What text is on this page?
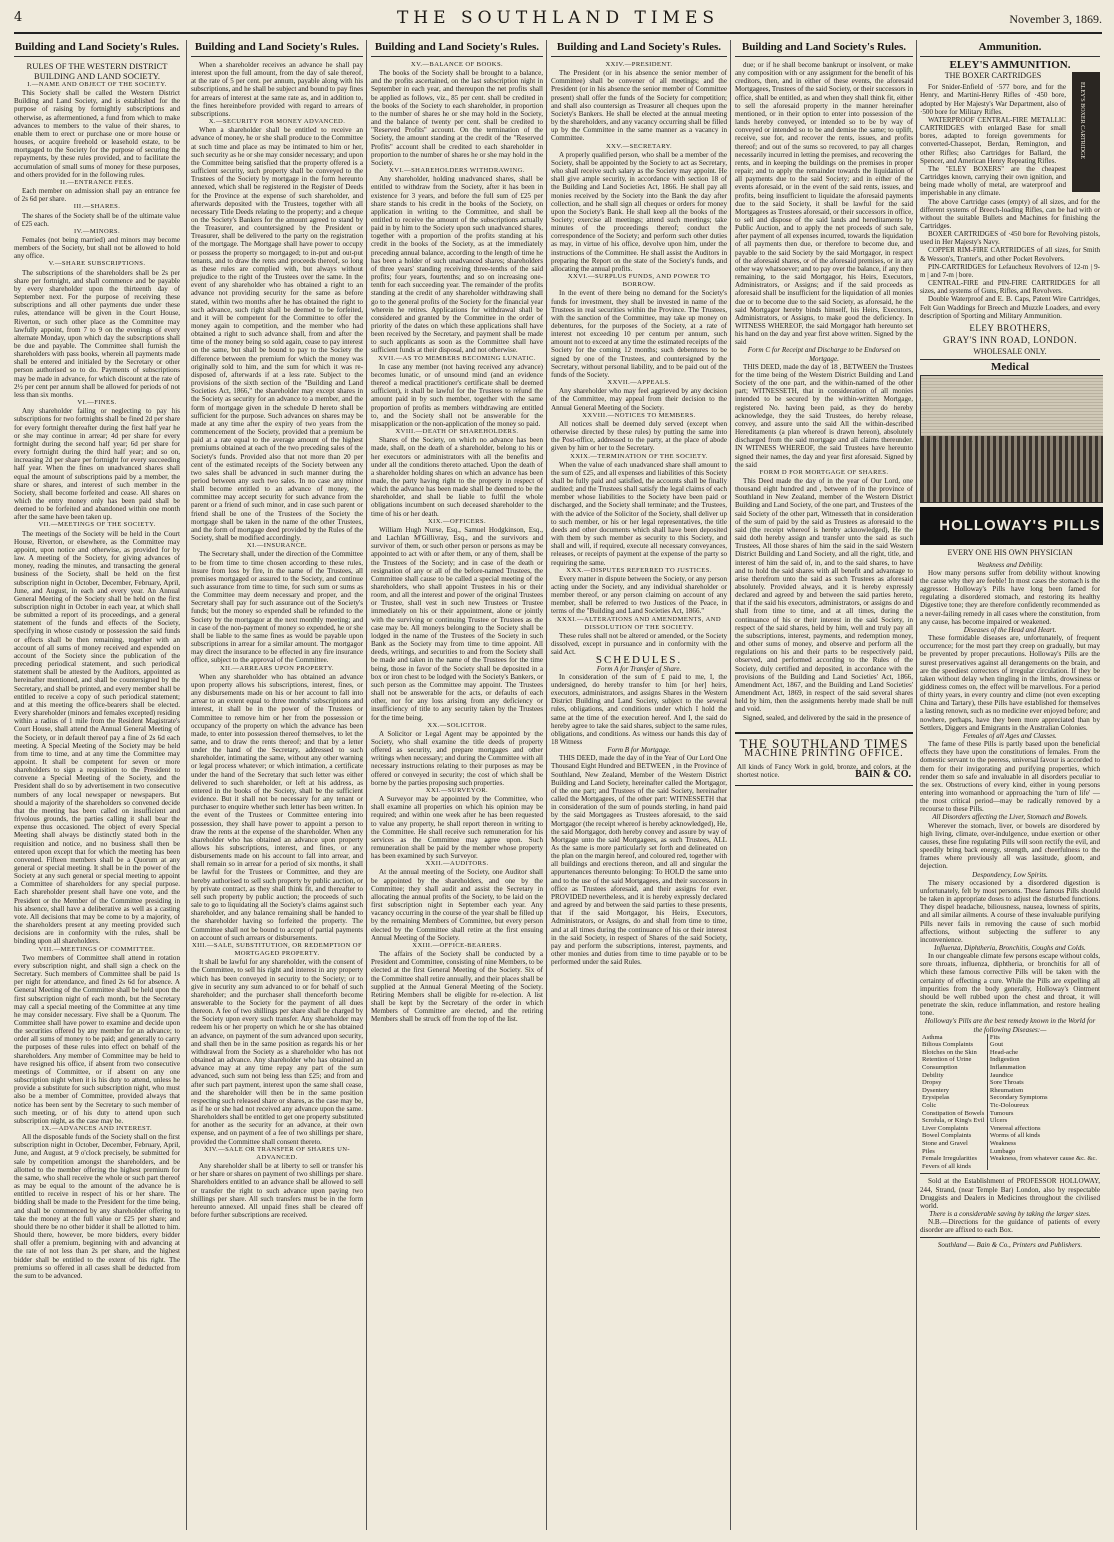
4	THE SOUTHLAND TIMES	November 3, 1869.
Building and Land Society's Rules.

RULES OF THE WESTERN DISTRICT BUILDING AND LAND SOCIETY.

I.—NAME AND OBJECT OF THE SOCIETY.

This Society shall be called the Western District Building and Land Society, and is established for the purpose of raising by fortnightly subscriptions and otherwise, as aftermentioned, a fund from which to make advances to members to the value of their shares, to enable them to erect or purchase one or more house or houses, or acquire freehold or leasehold estate, to be mortgaged to the Society for the purpose of securing the repayments, by these rules provided, and to facilitate the accumulation of small sums of money for these purposes, and others provided for in the following rules.

II.—ENTRANCE FEES.

Each member on admission shall pay an entrance fee of 2s 6d per share.

III.—SHARES.

The shares of the Society shall be of the ultimate value of £25 each.

IV.—MINORS.

Females (not being married) and minors may become members of the Society, but shall not be allowed to hold any office.

V.—SHARE SUBSCRIPTIONS.

The subscriptions of the shareholders shall be 2s per share per fortnight, and shall commence and be payable by every shareholder upon the thirteenth day of September next. For the purpose of receiving these subscriptions and all other payments due under these rules, attendance will be given in the Court House, Riverton, or such other place as the Committee may lawfully appoint, from 7 to 9 on the evenings of every alternate Monday, upon which day the subscriptions shall be due and payable. The Committee shall furnish the shareholders with pass books, wherein all payments made shall be entered and initialed by the Secretary or other person authorised so to do. Payments of subscriptions may be made in advance, for which discount at the rate of 2½ per cent per annum shall be allowed for periods of not less than six months.

VI.—FINES.

Any shareholder failing or neglecting to pay his subscriptions for two fortnights shall be fined 2d per share for every fortnight thereafter during the first half year he or she may continue in arrear; 4d per share for every fortnight during the second half year; 6d per share for every fortnight during the third half year; and so on, increasing 2d per share per fortnight for every succeeding half year. When the fines on unadvanced shares shall equal the amount of subscriptions paid by a member, the share or shares, and interest of such member in the Society, shall become forfeited and cease. All shares on which the entry money only has been paid shall be deemed to be forfeited and abandoned within one month after the same have been taken up.

VII.—MEETINGS OF THE SOCIETY.

The meetings of the Society will be held in the Court House, Riverton, or elsewhere, as the Committee may appoint, upon notice and otherwise, as provided for by law. A meeting of the Society, for giving advances of money, reading the minutes, and transacting the general business of the Society, shall be held on the first subscription night in October, December, February, April, June, and August, in each and every year. An Annual General Meeting of the Society shall be held on the first subscription night in October in each year, at which shall be submitted a report of its proceedings, and a general statement of the funds and effects of the Society, specifying in whose custody or possession the said funds or effects shall be then remaining, together with an account of all sums of money received and expended on account of the Society since the publication of the preceding periodical statement, and such periodical statement shall be attested by the Auditors, appointed as hereinafter mentioned, and shall be countersigned by the Secretary, and shall be printed, and every member shall be entitled to receive a copy of such periodical statement; and at this meeting the office-bearers shall be elected. Every shareholder (minors and females excepted) residing within a radius of 1 mile from the Resident Magistrate's Court House, shall attend the Annual General Meeting of the Society, or in default thereof pay a fine of 2s 6d each meeting. A Special Meeting of the Society may be held from time to time, and at any time the Committee may appoint. It shall be competent for seven or more shareholders to sign a requisition to the President to convene a Special Meeting of the Society, and the President shall do so by advertisement in two consecutive numbers of any local newspaper or newspapers. But should a majority of the shareholders so convened decide that the meeting has been called on insufficient and frivolous grounds, the parties calling it shall bear the expense thus occasioned. The object of every Special Meeting shall always be distinctly stated both in the requisition and notice, and no business shall then be entered upon except that for which the meeting has been convened. Fifteen members shall be a Quorum at any general or special meeting. It shall be in the power of the Society at any such general or special meeting to appoint a Committee of shareholders for any special purpose. Each shareholder present shall have one vote, and the President or the Member of the Committee presiding in his absence, shall have a deliberative as well as a casting vote. All decisions that may be come to by a majority, of the shareholders present at any meeting provided such decisions are in conformity with the rules, shall be binding upon all shareholders.

VIII.—MEETINGS OF COMMITTEE.

Two members of Committee shall attend in rotation every subscription night, and shall sign a check on the Secretary. Such members of Committee shall be paid 1s per night for attendance, and fined 2s 6d for absence. A General Meeting of the Committee shall be held upon the first subscription night of each month, but the Secretary may call a special meeting of the Committee at any time he may consider necessary. Five shall be a Quorum. The Committee shall have power to examine and decide upon the securities offered by any member for an advance; to order all sums of money to be paid; and generally to carry the purposes of these rules into effect on behalf of the shareholders. Any member of Committee may be held to have resigned his office, if absent from two consecutive meetings of Committee, or if absent on any one subscription night when it is his duty to attend, unless he provide a substitute for such subscription night, who must also be a member of Committee, provided always that notice has been sent by the Secretary to such member of such meeting, or of his duty to attend upon such subscription night, as the case may be.

IX.—ADVANCES AND INTEREST.

All the disposable funds of the Society shall on the first subscription night in October, December, February, April, June, and August, at 9 o'clock precisely, be submitted for sale by competition amongst the shareholders, and be allotted to the member offering the highest premium for the same, who shall receive the whole or such part thereof as may be equal to the amount of the advance he is entitled to receive in respect of his or her share. The bidding shall be made to the President for the time being, and shall be commenced by any shareholder offering to take the money at the full value or £25 per share; and should there be no other bidder it shall be allotted to him. Should there, however, be more bidders, every bidder shall offer a premium, beginning with and advancing at the rate of not less than 2s per share, and the highest bidder shall be entitled to the extent of his right. The premiums so offered in all cases shall be deducted from the sum to be advanced.

Building and Land Society's Rules.

When a shareholder receives an advance he shall pay interest upon the full amount, from the day of sale thereof, at the rate of 5 per cent. per annum, payable along with his subscriptions, and he shall be subject and bound to pay fines for arrears of interest at the same rate as, and in addition to, the fines hereinbefore provided with regard to arrears of subscriptions.

X.—SECURITY FOR MONEY ADVANCED.

When a shareholder shall be entitled to receive an advance of money, he or she shall produce to the Committee at such time and place as may be intimated to him or her, such security as he or she may consider necessary; and upon the Committee being satisfied that the property offered is a sufficient security, such property shall be conveyed to the Trustees of the Society by mortgage in the form hereunto annexed, which shall be registered in the Register of Deeds for the Province at the expense of such shareholder, and afterwards deposited with the Trustees, together with all necessary Title Deeds relating to the property; and a cheque on the Society's Bankers for the amount agreed to stand by the Treasurer, and countersigned by the President or Treasurer, shall be delivered to the party on the registration of the mortgage. The Mortgage shall have power to occupy or possess the property so mortgaged; to in-put and out-put tenants, and to draw the rents and proceeds thereof, so long as these rules are complied with, but always without prejudice to the right of the Trustees over the same. In the event of any shareholder who has obtained a right to an advance not providing security for the same as before stated, within two months after he has obtained the right to such advance, such right shall be deemed to be forfeited, and it will be competent for the Committee to offer the money again to competition, and the member who had obtained a right to such advance shall, from and after the time of the money being so sold again, cease to pay interest on the same, but shall be bound to pay to the Society the difference between the premium for which the money was originally sold to him, and the sum for which it was re-disposed of, afterwards if at a less rate. Subject to the provisions of the sixth section of the "Building and Land Societies Act, 1866," the shareholder may except shares in the Society as security for an advance to a member, and the form of mortgage given in the schedule D hereto shall be sufficient for the purpose. Such advances on shares may be made at any time after the expiry of two years from the commencement of the Society, provided that a premium be paid at a rate equal to the average amount of the highest premiums obtained at each of the two preceding sales of the Society's funds. Provided also that not more than 20 per cent of the estimated receipts of the Society between any two sales shall be advanced in such manner during the period between any such two sales. In no case any minor shall become entitled to an advance of money, the committee may accept security for such advance from the parent or a friend of such minor, and in case such parent or friend shall be one of the Trustees of the Society the mortgage shall be taken in the name of the other Trustees, and the form of mortgage deed provided by the Rules of the Society, shall be modified accordingly.

XI.—INSURANCE.

The Secretary shall, under the direction of the Committee to be from time to time chosen according to these rules, insure from loss by fire, in the name of the Trustees, all premises mortgaged or assured to the Society, and continue such assurance from time to time, for such sum or sums as the Committee may deem necessary and proper, and the Secretary shall pay for such assurance out of the Society's funds; but the money so expended shall be refunded to the Society by the mortgagor at the next monthly meeting; and in case of the non-payment of money so expended, he or she shall be liable to the same fines as would be payable upon subscriptions in arrear for a similar amount. The mortgagor may direct the insurance to be effected in any fire insurance office, subject to the approval of the Committee.

XII.—ARREARS UPON PROPERTY.

When any shareholder who has obtained an advance upon property allows his subscriptions, interest, fines, or any disbursements made on his or her account to fall into arrear to an extent equal to three months' subscriptions and interest, it shall be in the power of the Trustees or Committee to remove him or her from the possession or occupancy of the property on which the advance has been made, to enter into possession thereof themselves, to let the same, and to draw the rents thereof; and that by a letter under the hand of the Secretary, addressed to such shareholder, intimating the same, without any other warning or legal process whatever; or which intimation, a certificate under the hand of the Secretary that such letter was either delivered to such shareholder, or left at his address, as entered in the books of the Society, shall be the sufficient evidence. But it shall not be necessary for any tenant or purchaser to enquire whether such letter has been written. In the event of the Trustees or Committee entering into possession, they shall have power to appoint a person to draw the rents at the expense of the shareholder. When any shareholder who has obtained an advance upon property allows his subscriptions, interest, and fines, or any disbursements made on his account to fall into arrear, and shall remain so in arrear for a period of six months, it shall be lawful for the Trustees or Committee, and they are hereby authorised to sell such property by public auction, or by private contract, as they shall think fit, and thereafter to sell such property by public auction; the proceeds of such sale to go to liquidating all the Society's claims against such shareholder, and any balance remaining shall be handed to the shareholder having so forfeited the property. The Committee shall not be bound to accept of partial payments on account of such arrears or disbursements.

XIII.—SALE, SUBSTITUTION, OR REDEMPTION OF MORTGAGED PROPERTY.

It shall be lawful for any shareholder, with the consent of the Committee, to sell his right and interest in any property which has been conveyed in security to the Society; or to give in security any sum advanced to or for behalf of such shareholder; and the purchaser shall thenceforth become answerable to the Society for the payment of all dues thereon. A fee of two shillings per share shall be charged by the Society upon every such transfer. Any shareholder may redeem his or her property on which he or she has obtained an advance, on payment of the sum advanced upon security, and shall then be in the same position as regards his or her withdrawal from the Society as a shareholder who has not obtained an advance. Any shareholder who has obtained an advance may at any time repay any part of the sum advanced, such sum not being less than £25; and from and after such part payment, interest upon the same shall cease, and the shareholder will then be in the same position respecting such released share or shares, as the case may be, as if he or she had not received any advance upon the same. Shareholders shall be entitled to get one property substituted for another as the security for an advance, at their own expense, and on payment of a fee of two shillings per share, provided the Committee shall consent thereto.

XIV.—SALE OR TRANSFER OF SHARES UN-ADVANCED.

Any shareholder shall be at liberty to sell or transfer his or her share or shares on payment of two shillings per share. Shareholders entitled to an advance shall be allowed to sell or transfer the right to such advance upon paying two shillings per share. All such transfers must be in the form hereunto annexed. All unpaid fines shall be cleared off before further subscriptions are received.

Building and Land Society's Rules.

XV.—BALANCE OF BOOKS.

The books of the Society shall be brought to a balance, and the profits ascertained, on the last subscription night in September in each year, and thereupon the net profits shall be applied as follows, viz., 85 per cent. shall be credited in the books of the Society to each shareholder, in proportion to the number of shares he or she may hold in the Society, and the balance of twenty per cent. shall be credited to "Reserved Profits" account. On the termination of the Society, the amount standing at the credit of the "Reserved Profits" account shall be credited to each shareholder in proportion to the number of shares he or she may hold in the Society.

XVI.—SHAREHOLDERS WITHDRAWING.

Any shareholder, holding unadvanced shares, shall be entitled to withdraw from the Society, after it has been in existence for 3 years, and before the full sum of £25 per share stands to his credit in the books of the Society, on application in writing to the Committee, and shall be entitled to receive the amount of the subscriptions actually paid in by him to the Society upon such unadvanced shares, together with a proportion of the profits standing at his credit in the books of the Society, as at the immediately preceding annual balance, according to the length of time he has been a holder of such unadvanced shares; shareholders of three years' standing receiving three-tenths of the said profits; four years, fourtenths; and so on increasing one-tenth for each succeeding year. The remainder of the profits standing at the credit of any shareholder withdrawing shall go to the general profits of the Society for the financial year wherein he retires. Applications for withdrawal shall be considered and granted by the Committee in the order of priority of the dates on which these applications shall have been received by the Secretary, and payment shall be made to such applicants as soon as the Committee shall have sufficient funds at their disposal, and not otherwise.

XVII.—AS TO MEMBERS BECOMING LUNATIC.

In case any member (not having received any advance) becomes lunatic, or of unsound mind (and an evidence thereof a medical practitioner's certificate shall be deemed sufficient), it shall be lawful for the Trustees to refund the amount paid in by such member, together with the same proportion of profits as members withdrawing are entitled to, and the Society shall not be answerable for the misapplication or the non-application of the money so paid.

XVIII.—DEATH OF SHAREHOLDERS.

Shares of the Society, on which no advance has been made, shall, on the death of a shareholder, belong to his or her executors or administrators with all the benefits and under all the conditions thereto attached. Upon the death of a shareholder holding shares on which an advance has been made, the party having right to the property in respect of which the advance has been made shall be deemed to be the shareholder, and shall be liable to fulfil the whole obligations incumbent on such deceased shareholder to the time of his or her death.

XIX.—OFFICERS.

William Hugh Nurse, Esq., Samuel Hodgkinson, Esq., and Lachlan M'Gillivray, Esq., and the survivors and survivor of them, or such other person or persons as may be appointed to act with or after them, or any of them, shall be the Trustees of the Society; and in case of the death or resignation of any or all of the before-named Trustees, the Committee shall cause to be called a special meeting of the shareholders, who shall appoint Trustees in his or their room, and all the interest and power of the original Trustees or Trustee, shall vest in such new Trustees or Trustee immediately on his or their appointment, alone or jointly with the surviving or continuing Trustee or Trustees as the case may be. All moneys belonging to the Society shall be lodged in the name of the Trustees of the Society in such Bank as the Society may from time to time appoint. All deeds, writings, and securities to and from the Society shall be made and taken in the name of the Trustees for the time being, those in favor of the Society shall be deposited in a box or iron chest to be lodged with the Society's Bankers, or such person as the Committee may appoint. The Trustees shall not be answerable for the acts, or defaults of each other, nor for any loss arising from any deficiency or insufficiency of title to any security taken by the Trustees for the time being.

XX.—SOLICITOR.

A Solicitor or Legal Agent may be appointed by the Society, who shall examine the title deeds of property offered as security, and prepare mortgages and other writings when necessary; and during the Committee with all necessary instructions relating to their purposes as may be offered or conveyed in security; the cost of which shall be borne by the parties proposing such properties.

XXI.—SURVEYOR.

A Surveyor may be appointed by the Committee, who shall examine all properties on which his opinion may be required; and within one week after he has been requested to value any property, he shall report thereon in writing to the Committee. He shall receive such remuneration for his services as the Committee may agree upon. Such remuneration shall be paid by the member whose property has been examined by such Surveyor.

XXII.—AUDITORS.

At the annual meeting of the Society, one Auditor shall be appointed by the shareholders, and one by the Committee; they shall audit and assist the Secretary in allocating the annual profits of the Society, to be laid on the first subscription night in September each year. Any vacancy occurring in the course of the year shall be filled up by the remaining Members of Committee, but every person elected by the Committee shall retire at the first ensuing Annual Meeting of the Society.

XXIII.—OFFICE-BEARERS.

The affairs of the Society shall be conducted by a President and Committee, consisting of nine Members, to be elected at the first General Meeting of the Society. Six of the Committee shall retire annually, and their places shall be supplied at the Annual General Meeting of the Society. Retiring Members shall be eligible for re-election. A list shall be kept by the Secretary of the order in which Members of Committee are elected, and the retiring Members shall be struck off from the top of the list.

Building and Land Society's Rules.

XXIV.—PRESIDENT.

The President (or in his absence the senior member of Committee) shall be convener of all meetings; and the President (or in his absence the senior member of Committee present) shall offer the funds of the Society for competition; and shall also countersign as Treasurer all cheques upon the Society's Bankers. He shall be elected at the annual meeting by the shareholders, and any vacancy occurring shall be filled up by the Committee in the same manner as a vacancy in Committee.

XXV.—SECRETARY.

A properly qualified person, who shall be a member of the Society, shall be appointed by the Society to act as Secretary, who shall receive such salary as the Society may appoint. He shall give ample security, in accordance with section 18 of the Building and Land Societies Act, 1866. He shall pay all monies received by the Society into the Bank the day after collection, and he shall sign all cheques or orders for money upon the Society's Bank. He shall keep all the books of the Society; exercise all meetings; attend such meetings; take minutes of the proceedings thereof; conduct the correspondence of the Society; and perform such other duties as may, in virtue of his office, devolve upon him, under the instructions of the Committee. He shall assist the Auditors in preparing the Report on the state of the Society's funds, and allocating the annual profits.

XXVI.—SURPLUS FUNDS, AND POWER TO BORROW.

In the event of there being no demand for the Society's funds for investment, they shall be invested in name of the Trustees in real securities within the Province. The Trustees, with the sanction of the Committee, may take up money on debentures, for the purposes of the Society, at a rate of interest not exceeding 10 per centum per annum, such amount not to exceed at any time the estimated receipts of the Society for the coming 12 months; such debentures to be signed by one of the Trustees, and countersigned by the Secretary, without personal liability, and to be paid out of the funds of the Society.

XXVII.—APPEALS.

Any shareholder who may feel aggrieved by any decision of the Committee, may appeal from their decision to the Annual General Meeting of the Society.

XXVIII.—NOTICES TO MEMBERS.

All notices shall be deemed duly served (except when otherwise directed by these rules) by putting the same into the Post-office, addressed to the party, at the place of abode given by him or her to the Secretary.

XXIX.—TERMINATION OF THE SOCIETY.

When the value of each unadvanced share shall amount to the sum of £25, and all expenses and liabilities of this Society shall be fully paid and satisfied, the accounts shall be finally audited; and the Trustees shall satisfy the legal claims of each member whose liabilities to the Society have been paid or discharged, and the Society shall terminate; and the Trustees, with the advice of the Solicitor of the Society, shall deliver up to such member, or his or her legal representatives, the title deeds and other documents which shall have been deposited with them by such member as security to this Society, and shall and will, if required, execute all necessary conveyances, releases, or receipts of payment at the expense of the party so requiring the same.

XXX.—DISPUTES REFERRED TO JUSTICES.

Every matter in dispute between the Society, or any person acting under the Society, and any individual shareholder or member thereof, or any person claiming on account of any member, shall be referred to two Justices of the Peace, in terms of the "Building and Land Societies Act, 1866."

XXXI.—ALTERATIONS AND AMENDMENTS, AND DISSOLUTION OF THE SOCIETY.

These rules shall not be altered or amended, or the Society dissolved, except in pursuance and in conformity with the said Act.

SCHEDULES.

Form A for Transfer of Share.

In consideration of the sum of £ paid to me, I, the undersigned, do hereby transfer to him [or her] heirs, executors, administrators, and assigns Shares in the Western District Building and Land Society, subject to the several rules, obligations, and conditions under which I hold the same at the time of the execution hereof. And I, the said do hereby agree to take the said shares, subject to the same rules, obligations, and conditions. As witness our hands this day of 18 Witness

Form B for Mortgage.

THIS DEED, made the day of in the Year of Our Lord One Thousand Eight Hundred and BETWEEN , in the Province of Southland, New Zealand, Member of the Western District Building and Land Society, hereinafter called the Mortgagor, of the one part; and Trustees of the said Society, hereinafter called the Mortgagees, of the other part: WITNESSETH that in consideration of the sum of pounds sterling, in hand paid by the said Mortgagees as Trustees aforesaid, to the said Mortgagor (the receipt whereof is hereby acknowledged), He, the said Mortgagor, doth hereby convey and assure by way of Mortgage unto the said Mortgagees, as such Trustees, ALL As the same is more particularly set forth and delineated on the plan on the margin hereof, and coloured red, together with all buildings and erections thereon, and all and singular the appurtenances thereunto belonging: To HOLD the same unto and to the use of the said Mortgagees, and their successors in office as Trustees aforesaid, and their assigns for ever. PROVIDED nevertheless, and it is hereby expressly declared and agreed by and between the said parties to these presents, that if the said Mortgagor, his Heirs, Executors, Administrators, or Assigns, do and shall from time to time, and at all times during the continuance of his or their interest in the said Society, in respect of Shares of the said Society, pay and perform the subscriptions, interest, payments, and other monies and duties from time to time payable or to be performed under the said Rules.

Building and Land Society's Rules.

due; or if he shall become bankrupt or insolvent, or make any composition with or any assignment for the benefit of his creditors, then, and in either of these events, the aforesaid Mortgagees, Trustees of the said Society, or their successors in office, shall be entitled, as and when they shall think fit, either to sell the aforesaid property in the manner hereinafter mentioned, or in their option to enter into possession of the lands hereby conveyed, or intended so to be by way of conveyed or intended so to be and demise the same; to uplift, receive, sue for, and recover the rents, issues, and profits thereof; and out of the sums so recovered, to pay all charges necessarily incurred in letting the premises, and recovering the rents, and in keeping the buildings on the premises in proper repair; and to apply the remainder towards the liquidation of all payments due to the said Society; and in either of the events aforesaid, or in the event of the said rents, issues, and profits, being insufficient to liquidate the aforesaid payments due to the said Society, it shall be lawful for the said Mortgagees as Trustees aforesaid, or their successors in office, to sell and dispose of the said lands and hereditaments by Public Auction, and to apply the net proceeds of such sale, after payment of all expenses incurred, towards the liquidation of all payments then due, or therefore to become due, and payable to the said Society by the said Mortgagor, in respect of the aforesaid shares, or of the aforesaid premises, or in any other way whatsoever; and to pay over the balance, if any then remaining, to the said Mortgagor, his Heirs, Executors, Administrators, or Assigns; and if the said proceeds as aforesaid shall be insufficient for the liquidation of all monies due or to become due to the said Society, as aforesaid, he the said Mortgagor hereby binds himself, his Heirs, Executors, Administrators, or Assigns, to make good the deficiency. In WITNESS WHEREOF, the said Mortgagor hath hereunto set his hand on the day and year first above written. Signed by the said

Form C for Receipt and Discharge to be Endorsed on Mortgage.

THIS DEED, made the day of 18 , BETWEEN the Trustees for the time being of the Western District Building and Land Society of the one part, and the within-named of the other part; WITNESSETH, that in consideration of all monies intended to be secured by the within-written Mortgage, registered No. having been paid, as they do hereby acknowledge, they the said Trustees, do hereby release, convey, and assure unto the said All the within-described Hereditaments (a plan whereof is drawn hereon), absolutely discharged from the said mortgage and all claims thereunder. IN WITNESS WHEREOF, the said Trustees have hereunto signed their names, the day and year first aforesaid. Signed by the said

FORM D FOR MORTGAGE OF SHARES.

This Deed made the day of in the year of Our Lord, one thousand eight hundred and , between of in the province of Southland in New Zealand, member of the Western District Building and Land Society, of the one part, and Trustees of the said Society of the other part, Witnesseth that in consideration of the sum of paid by the said as Trustees as aforesaid to the said (the receipt whereof is hereby acknowledged), He the said doth hereby assign and transfer unto the said as such Trustees, All those shares of him the said in the said Western District Building and Land Society, and all the right, title, and interest of him the said of, in, and to the said shares, to have and to hold the said shares with all benefit and advantage to arise therefrom unto the said as such Trustees as aforesaid absolutely. Provided always, and it is hereby expressly declared and agreed by and between the said parties hereto, that if the said his executors, administrators, or assigns do and shall from time to time, and at all times, during the continuance of his or their interest in the said Society, in respect of the said shares, held by him, well and truly pay all the subscriptions, interest, payments, and redemption money, and other sums of money, and observe and perform all the regulations on his and their parts to be respectively paid, observed, and performed according to the Rules of the Society, duly certified and deposited, in accordance with the provisions of the Building and Land Societies' Act, 1866, Amendment Act, 1867, and the Building and Land Societies' Amendment Act, 1869, in respect of the said several shares held by him, then the assignments hereby made shall be null and void.

Signed, sealed, and delivered by the said in the presence of

THE SOUTHLAND TIMES
MACHINE PRINTING OFFICE.
All kinds of Fancy Work in gold, bronze, and colors, at the shortest notice.	BAIN & CO.
Ammunition.
ELEY'S AMMUNITION.
ELEY'S BOXER CARTRIDGE
THE BOXER CARTRIDGES

For Snider-Enfield of ·577 bore, and for the Henry, and Martini-Henry Rifles of ·450 bore, adopted by Her Majesty's War Department, also of ·500 bore for Military Rifles.

WATERPROOF CENTRAL-FIRE METALLIC CARTRIDGES with enlarged Base for small bores, adapted to foreign governments for converted-Chassepot, Berdan, Remington, and other Rifles; also Cartridges for Ballard, the Spencer, and American Henry Repeating Rifles.

The "ELEY BOXERS" are the cheapest Cartridges known, carrying their own ignition, and being made wholly of metal, are waterproof and imperishable in any climate.

The above Cartridge cases (empty) of all sizes, and for the different systems of Breech-loading Rifles, can be had with or without the suitable Bullets and Machines for finishing the Cartridges.

BOXER CARTRIDGES of ·450 bore for Revolving pistols, used in Her Majesty's Navy.

COPPER RIM-FIRE CARTRIDGES of all sizes, for Smith & Wesson's, Tranter's, and other Pocket Revolvers.

PIN-CARTRIDGES for Lefaucheux Revolvers of 12-m | 9-m | and 7-m | bore.

CENTRAL-FIRE and PIN-FIRE CARTRIDGES for all sizes, and systems of Guns, Rifles, and Revolvers.

Double Waterproof and E. B. Caps, Patent Wire Cartridges, Felt Gun Waddings for Breech and Muzzle Loaders, and every description of Sporting and Military Ammunition.

ELEY BROTHERS,
GRAY'S INN ROAD, LONDON.
WHOLESALE ONLY.
Medical
HOLLOWAY'S PILLS
EVERY ONE HIS OWN PHYSICIAN

Weakness and Debility.

How many persons suffer from debility without knowing the cause why they are feeble! In most cases the stomach is the aggressor. Holloway's Pills have long been famed for regulating a disordered stomach, and restoring its healthy Digestive tone; they are therefore confidently recommended as a never-failing remedy in all cases where the constitution, from any cause, has become impaired or weakened.

Diseases of the Head and Heart.

These formidable diseases are, unfortunately, of frequent occurrence; for the most part they creep on gradually, but may be prevented by proper precautions. Holloway's Pills are the surest preservatives against all derangements on the brain, and are the speediest correctors of irregular circulation. If they be taken without delay when tingling in the limbs, drowsiness or giddiness comes on, the effect will be marvellous. For a period of thirty years, in every country and clime (not even excepting China and Tartary), these Pills have established for themselves a lasting renown, such as no medicine ever enjoyed before; and nowhere, perhaps, have they been more appreciated than by Settlers, Diggers and Emigrants in the Australian Colonies.

Females of all Ages and Classes.

The fame of these Pills is partly based upon the beneficial effects they have upon the constitutions of females. From the domestic servant to the peeress, universal favour is accorded to them for their invigorating and purifying properties, which render them so safe and invaluable in all disorders peculiar to the sex. Obstructions of every kind, either in young persons entering into womanhood or approaching the 'turn of life' —the most critical period—may be radically removed by a recourse to these Pills.

All Disorders affecting the Liver, Stomach and Bowels.

Wherever the stomach, liver, or bowels are disordered by high living, climate, over-indulgence, undue exertion or other causes, these fine regulating Pills will soon rectify the evil, and speedily bring back energy, strength, and cheerfulness to the frames where previously all was lassitude, gloom, and dejection.

Despondency, Low Spirits.

The misery occasioned by a disordered digestion is unfortunately, felt by most persons. These famous Pills should be taken in appropriate doses to adjust the disturbed functions. They dispel headache, biliousness, nausea, lowness of spirits, and all similar ailments. A course of these invaluable purifying Pills never fails in removing the cause of such morbid affections, without subjecting the sufferer to any inconvenience.

Influenza, Diphtheria, Bronchitis, Coughs and Colds.

In our changeable climate few persons escape without colds, sore throats, influenza, diphtheria, or bronchitis for all of which these famous corrective Pills will be taken with the certainty of effecting a cure. While the Pills are expelling all impurities from the body generally, Holloway's Ointment should be well rubbed upon the chest and throat, it will penetrate the skin, reduce inflammation, and restore healing tone.

Holloway's Pills are the best remedy known in the World for the following Diseases:—

Asthma
Bilious Complaints
Blotches on the Skin
Retention of Urine
Consumption
Debility
Dropsy
Dysentery
Erysipelas
Colic
Constipation of Bowels
Scrofula, or King's Evil
Liver Complaints
Bowel Complaints
Stone and Gravel
Piles
Female Irregularities
Fevers of all kinds

Fits
Gout
Head-ache
Indigestion
Inflammation
Jaundice
Sore Throats
Rheumatism
Secondary Symptoms
Tic-Doloureux
Tumours
Ulcers
Venereal affections
Worms of all kinds
Weakness
Lumbago
Weakness, from whatever cause &c. &c.

Sold at the Establishment of PROFESSOR HOLLOWAY, 244, Strand, (near Temple Bar) London, also by respectable Druggists and Dealers in Medicines throughout the civilised world.

There is a considerable saving by taking the larger sizes.

N.B.—Directions for the guidance of patients of every disorder are affixed to each Box.

Southland — Bain & Co., Printers and Publishers.
